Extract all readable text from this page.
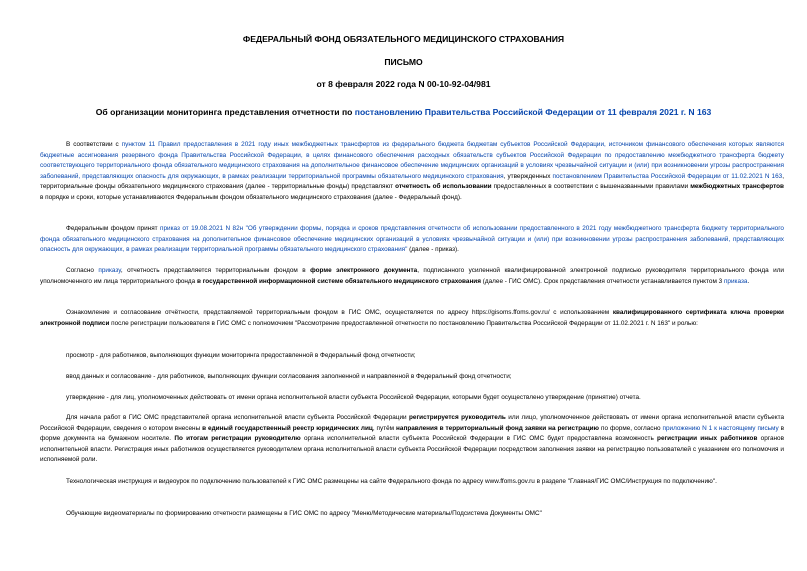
ФЕДЕРАЛЬНЫЙ ФОНД ОБЯЗАТЕЛЬНОГО МЕДИЦИНСКОГО СТРАХОВАНИЯ
ПИСЬМО
от 8 февраля 2022 года N 00-10-92-04/981
Об организации мониторинга представления отчетности по постановлению Правительства Российской Федерации от 11 февраля 2021 г. N 163
В соответствии с пунктом 11 Правил предоставления в 2021 году иных межбюджетных трансфертов из федерального бюджета бюджетам субъектов Российской Федерации, источником финансового обеспечения которых являются бюджетные ассигнования резервного фонда Правительства Российской Федерации, в целях финансового обеспечения расходных обязательств субъектов Российской Федерации по предоставлению межбюджетного трансферта бюджету соответствующего территориального фонда обязательного медицинского страхования на дополнительное финансовое обеспечение медицинских организаций в условиях чрезвычайной ситуации и (или) при возникновении угрозы распространения заболеваний, представляющих опасность для окружающих, в рамках реализации территориальной программы обязательного медицинского страхования, утвержденных постановлением Правительства Российской Федерации от 11.02.2021 N 163, территориальные фонды обязательного медицинского страхования (далее - территориальные фонды) представляют отчетность об использовании предоставленных в соответствии с вышеназванными правилами межбюджетных трансфертов в порядке и сроки, которые устанавливаются Федеральным фондом обязательного медицинского страхования (далее - Федеральный фонд).
Федеральным фондом принят приказ от 19.08.2021 N 82н "Об утверждении формы, порядка и сроков представления отчетности об использовании предоставленного в 2021 году межбюджетного трансферта бюджету территориального фонда обязательного медицинского страхования на дополнительное финансовое обеспечение медицинских организаций в условиях чрезвычайной ситуации и (или) при возникновении угрозы распространения заболеваний, представляющих опасность для окружающих, в рамках реализации территориальной программы обязательного медицинского страхования" (далее - приказ).
Согласно приказу, отчетность представляется территориальным фондом в форме электронного документа, подписанного усиленной квалифицированной электронной подписью руководителя территориального фонда или уполномоченного им лица территориального фонда в государственной информационной системе обязательного медицинского страхования (далее - ГИС ОМС). Срок представления отчетности устанавливается пунктом 3 приказа.
Ознакомление и согласование отчётности, представляемой территориальным фондом в ГИС ОМС, осуществляется по адресу https://gisoms.ffoms.gov.ru/ с использованием квалифицированного сертификата ключа проверки электронной подписи после регистрации пользователя в ГИС ОМС с полномочием "Рассмотрение предоставленной отчетности по постановлению Правительства Российской Федерации от 11.02.2021 г. N 163" и ролью:
просмотр - для работников, выполняющих функции мониторинга предоставленной в Федеральный фонд отчетности;
ввод данных и согласование - для работников, выполняющих функции согласования заполненной и направленной в Федеральный фонд отчетности;
утверждение - для лиц, уполномоченных действовать от имени органа исполнительной власти субъекта Российской Федерации, которыми будет осуществлено утверждение (принятие) отчета.
Для начала работ в ГИС ОМС представителей органа исполнительной власти субъекта Российской Федерации регистрируется руководитель или лицо, уполномоченное действовать от имени органа исполнительной власти субъекта Российской Федерации, сведения о котором внесены в единый государственный реестр юридических лиц, путём направления в территориальный фонд заявки на регистрацию по форме, согласно приложению N 1 к настоящему письму в форме документа на бумажном носителе. По итогам регистрации руководителю органа исполнительной власти субъекта Российской Федерации в ГИС ОМС будет предоставлена возможность регистрации иных работников органов исполнительной власти. Регистрация иных работников осуществляется руководителем органа исполнительной власти субъекта Российской Федерации посредством заполнения заявки на регистрацию пользователей с указанием его полномочия и исполняемой роли.
Технологическая инструкция и видеоурок по подключению пользователей к ГИС ОМС размещены на сайте Федерального фонда по адресу www.ffoms.gov.ru в разделе "Главная/ГИС ОМС/Инструкция по подключению".
Обучающие видеоматериалы по формированию отчетности размещены в ГИС ОМС по адресу "Меню/Методические материалы/Подсистема Документы ОМС"
